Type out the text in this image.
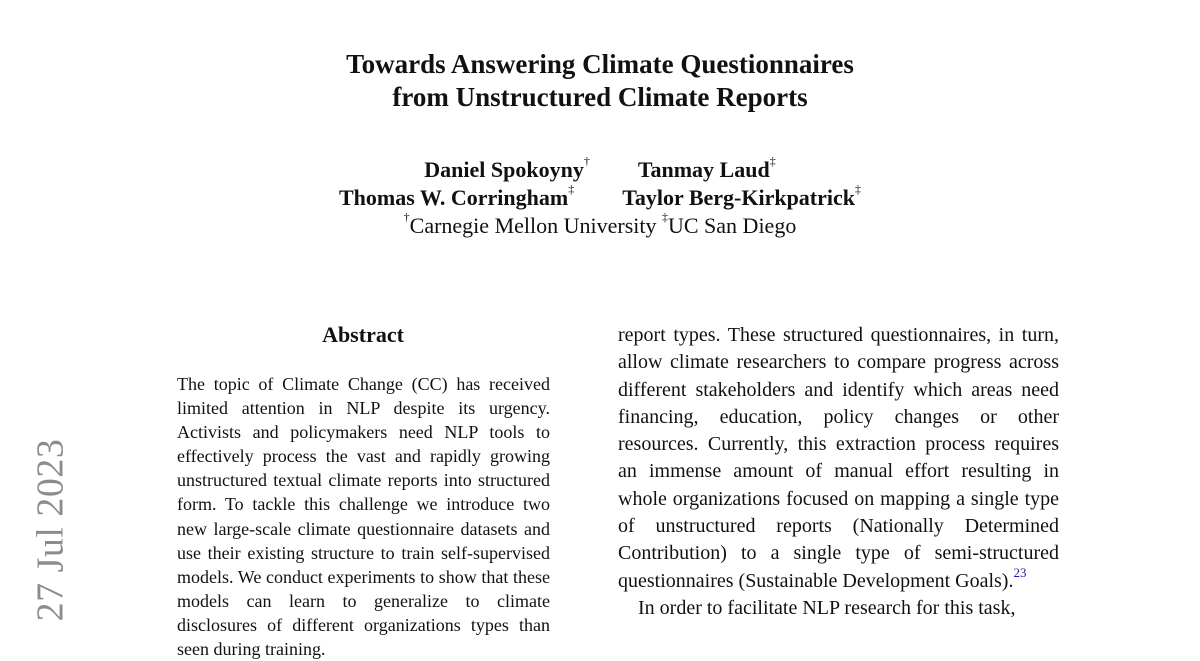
27 Jul 2023
Towards Answering Climate Questionnaires
from Unstructured Climate Reports
Daniel Spokoyny† Tanmay Laud‡
Thomas W. Corringham‡ Taylor Berg-Kirkpatrick‡
†Carnegie Mellon University ‡UC San Diego
Abstract
The topic of Climate Change (CC) has received limited attention in NLP despite its urgency. Activists and policymakers need NLP tools to effectively process the vast and rapidly growing unstructured textual climate reports into structured form. To tackle this challenge we introduce two new large-scale climate questionnaire datasets and use their existing structure to train self-supervised models. We conduct experiments to show that these models can learn to generalize to climate disclosures of different organizations types than seen during training.

report types. These structured questionnaires, in turn, allow climate researchers to compare progress across different stakeholders and identify which areas need financing, education, policy changes or other resources. Currently, this extraction process requires an immense amount of manual effort resulting in whole organizations focused on mapping a single type of unstructured reports (Nationally Determined Contribution) to a single type of semi-structured questionnaires (Sustainable Development Goals).$^{23}$

In order to facilitate NLP research for this task,
